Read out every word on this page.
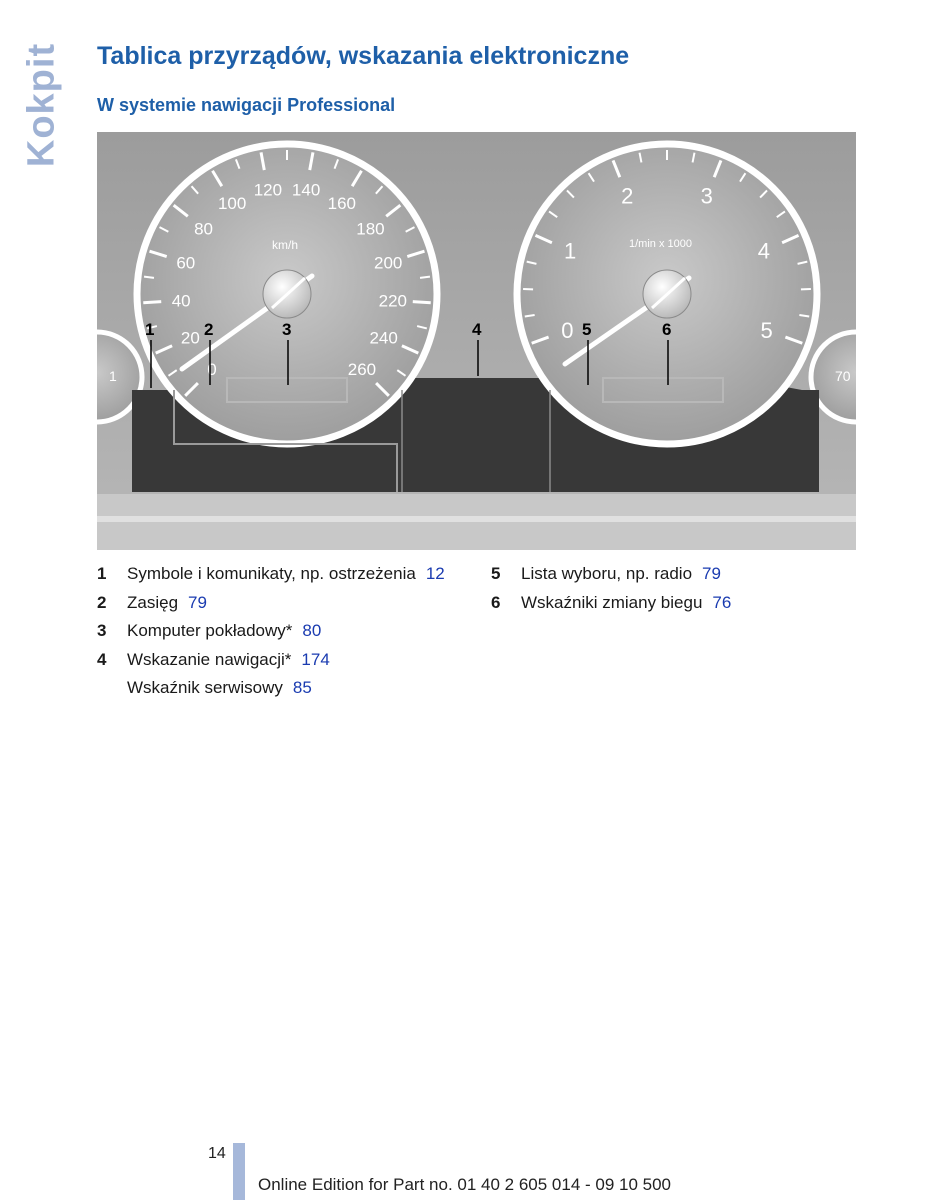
Kokpit Tablica przyrządów, wskazania elektroniczne
W systemie nawigacji Professional
1	70
0
20
40
60
80
100
120 140
160
180
200
220
240
260
km/h
0
1
2	3
4
5
1/min x 1000
1	2	3	4	5	6
1	Symbole i komunikaty, np. ostrzeżenia 12
2	Zasięg 79
3	Komputer pokładowy* 80
4	Wskazanie nawigacji* 174
Wskaźnik serwisowy 85
5	Lista wyboru, np. radio 79
6	Wskaźniki zmiany biegu 76
14
Online Edition for Part no. 01 40 2 605 014 - 09 10 500
